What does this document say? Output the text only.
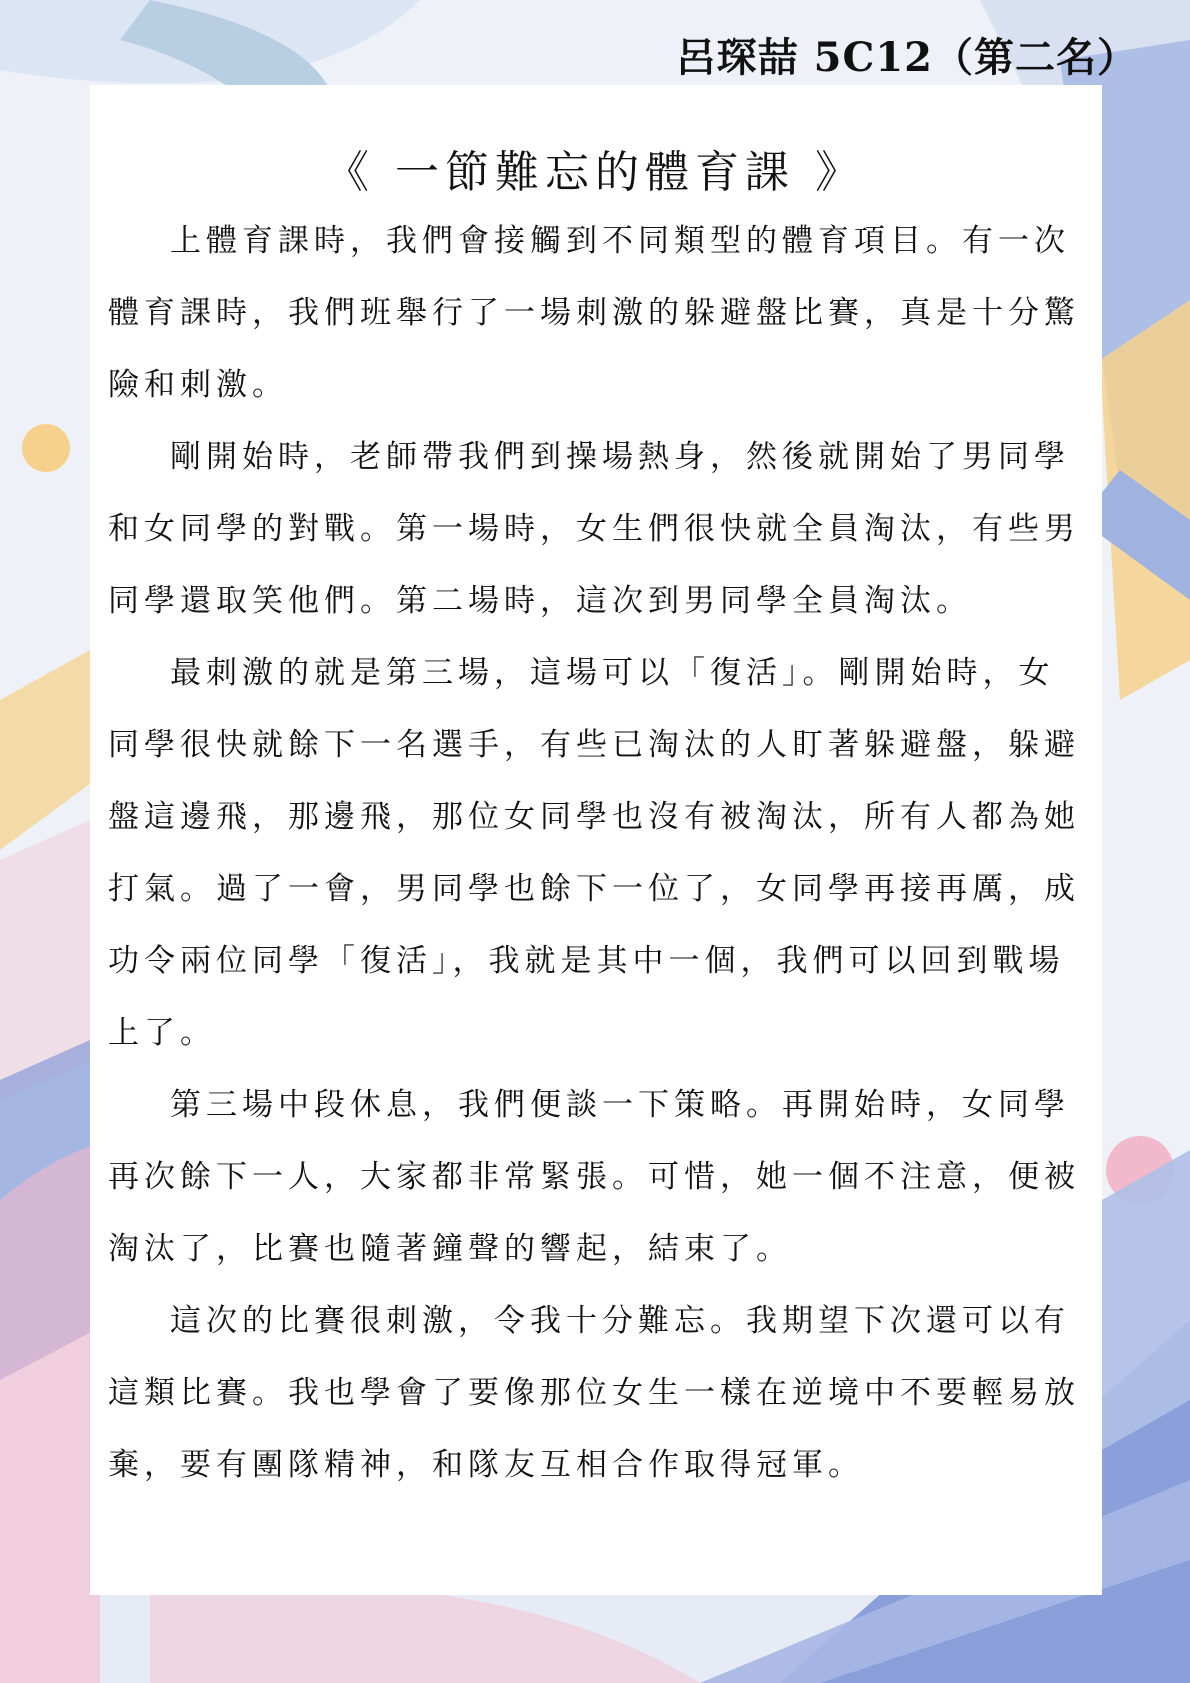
呂琛喆 5C12（第二名）
《 一節難忘的體育課 》

上體育課時，我們會接觸到不同類型的體育項目。有一次體育課時，我們班舉行了一場刺激的躲避盤比賽，真是十分驚險和刺激。

剛開始時，老師帶我們到操場熱身，然後就開始了男同學和女同學的對戰。第一場時，女生們很快就全員淘汰，有些男同學還取笑他們。第二場時，這次到男同學全員淘汰。

最刺激的就是第三場，這場可以「復活」。剛開始時，女同學很快就餘下一名選手，有些已淘汰的人盯著躲避盤，躲避盤這邊飛，那邊飛，那位女同學也沒有被淘汰，所有人都為她打氣。過了一會，男同學也餘下一位了，女同學再接再厲，成功令兩位同學「復活」，我就是其中一個，我們可以回到戰場上了。

第三場中段休息，我們便談一下策略。再開始時，女同學再次餘下一人，大家都非常緊張。可惜，她一個不注意，便被淘汰了，比賽也隨著鐘聲的響起，結束了。

這次的比賽很刺激，令我十分難忘。我期望下次還可以有這類比賽。我也學會了要像那位女生一樣在逆境中不要輕易放棄，要有團隊精神，和隊友互相合作取得冠軍。
